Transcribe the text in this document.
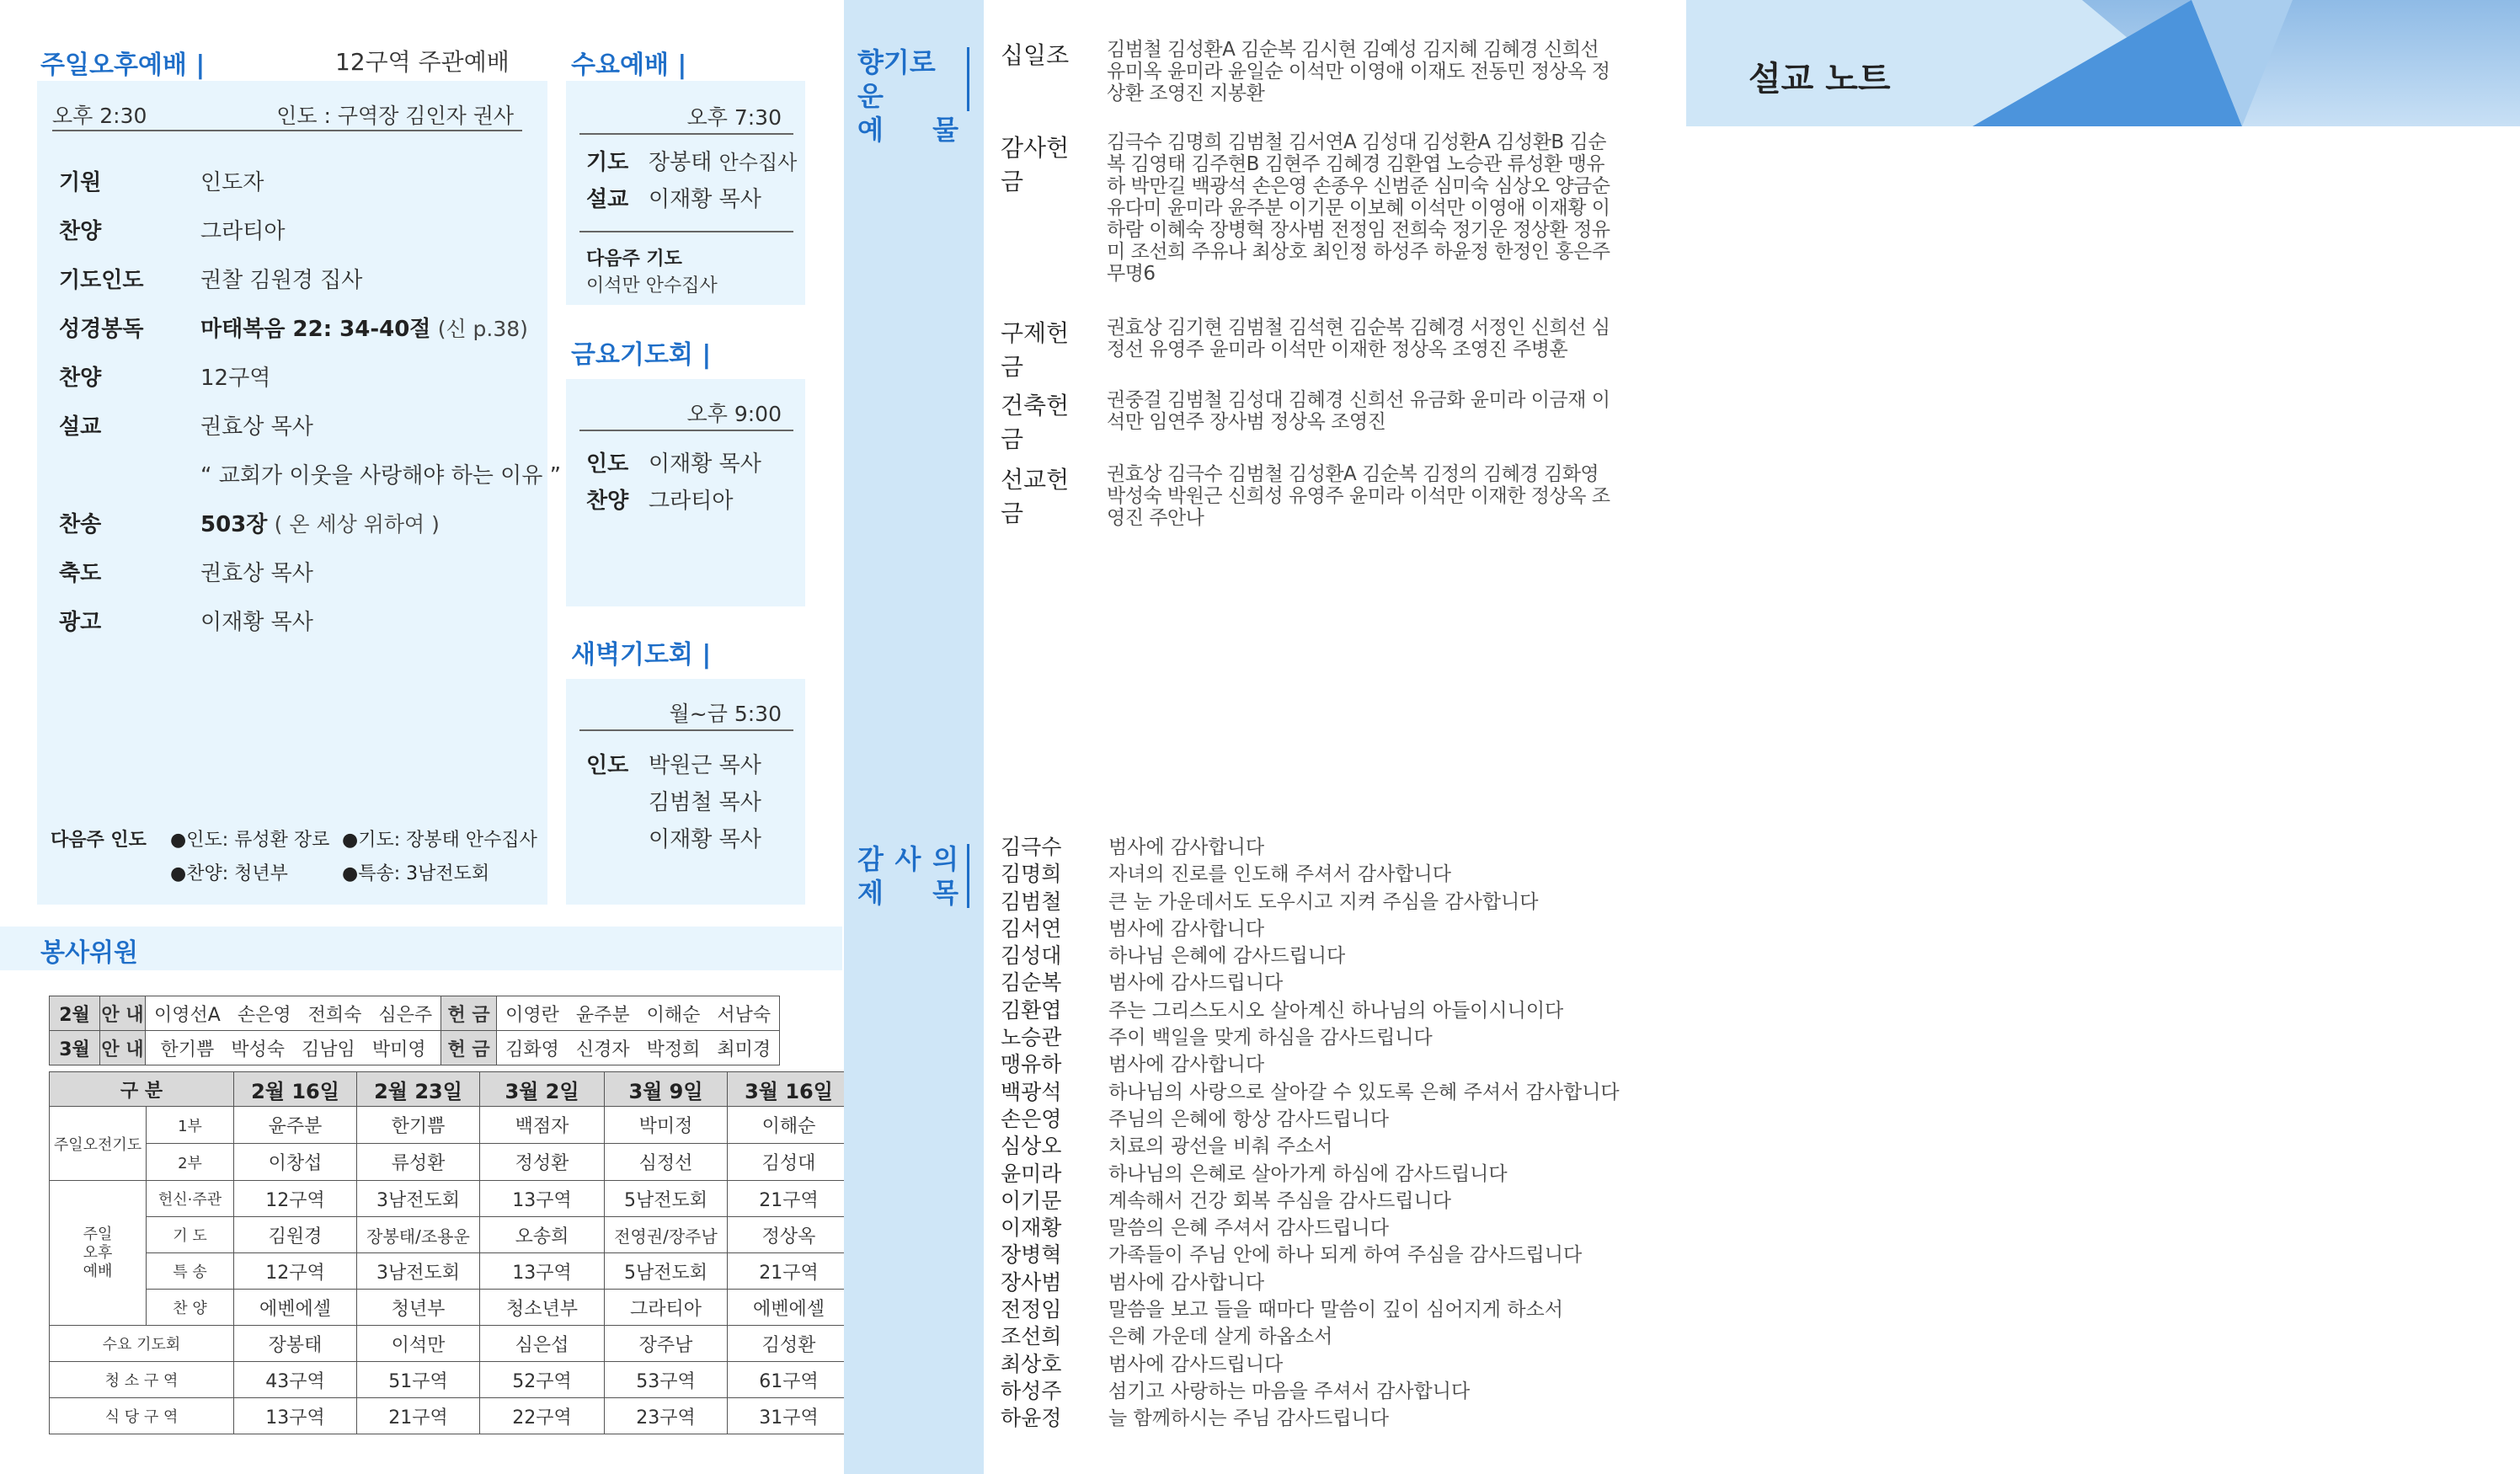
주일오후예배 |	12구역 주관예배
오후 2:30	인도 : 구역장 김인자 권사
기원	인도자
찬양	그라티아
기도인도	권찰 김원경 집사
성경봉독	마태복음 22: 34-40절 (신 p.38)
찬양	12구역
설교	권효상 목사
“ 교회가 이웃을 사랑해야 하는 이유 ”
찬송	503장 ( 온 세상 위하여 )
축도	권효상 목사
광고	이재황 목사
다음주 인도 ●인도: 류성환 장로 ●기도: 장봉태 안수집사
●찬양: 청년부	●특송: 3남전도회
수요예배 |
오후 7:30
기도 장봉태 안수집사
설교 이재황 목사
다음주 기도
이석만 안수집사
금요기도회 |
오후 9:00
인도 이재황 목사
찬양 그라티아
새벽기도회 |
월~금 5:30
인도 박원근 목사
김범철 목사
이재황 목사
봉사위원
2월	안 내	이영선A 손은영 전희숙 심은주	헌 금	이영란 윤주분 이해순 서남숙
3월	안 내	한기쁨 박성숙 김남임 박미영	헌 금	김화영 신경자 박정희 최미경
구 분		2월 16일	2월 23일	3월 2일	3월 9일	3월 16일
주일오전기도	1부	윤주분	한기쁨	백점자	박미정	이해순
	2부	이창섭	류성환	정성환	심정선	김성대
주일
오후
예배	헌신·주관	12구역	3남전도회	13구역	5남전도회	21구역
	기 도	김원경	장봉태/조용운	오송희	전영권/장주남	정상옥
	특 송	12구역	3남전도회	13구역	5남전도회	21구역
	찬 양	에벤에셀	청년부	청소년부	그라티아	에벤에셀
수요 기도회		장봉태	이석만	심은섭	장주남	김성환
청 소 구 역		43구역	51구역	52구역	53구역	61구역
식 당 구 역		13구역	21구역	22구역	23구역	31구역
향기로운
예 물
감 사 의
제 목
십일조	김범철 김성환A 김순복 김시현 김예성 김지혜 김혜경 신희선 유미옥 윤미라 윤일순 이석만 이영애 이재도 전동민 정상옥 정상환 조영진 지봉환
감사헌금
김극수 김명희 김범철 김서연A 김성대 김성환A 김성환B 김순복 김영태 김주현B 김현주 김혜경 김환엽 노승관 류성환 맹유하 박만길 백광석 손은영 손종우 신범준 심미숙 심상오 양금순 유다미 윤미라 윤주분 이기문 이보혜 이석만 이영애 이재황 이하람 이혜숙 장병혁 장사범 전정임 전희숙 정기운 정상환 정유미 조선희 주유나 최상호 최인정 하성주 하윤정 한정인 홍은주 무명6
구제헌금
권효상 김기현 김범철 김석현 김순복 김혜경 서정인 신희선 심정선 유영주 윤미라 이석만 이재한 정상옥 조영진 주병훈
건축헌금
권중걸 김범철 김성대 김혜경 신희선 유금화 윤미라 이금재 이석만 임연주 장사범 정상옥 조영진
선교헌금
권효상 김극수 김범철 김성환A 김순복 김정의 김혜경 김화영 박성숙 박원근 신희성 유영주 윤미라 이석만 이재한 정상옥 조영진 주안나
김극수	범사에 감사합니다
김명희	자녀의 진로를 인도해 주셔서 감사합니다
김범철	큰 눈 가운데서도 도우시고 지켜 주심을 감사합니다
김서연	범사에 감사합니다
김성대	하나님 은혜에 감사드립니다
김순복	범사에 감사드립니다
김환엽	주는 그리스도시오 살아계신 하나님의 아들이시니이다
노승관	주이 백일을 맞게 하심을 감사드립니다
맹유하	범사에 감사합니다
백광석	하나님의 사랑으로 살아갈 수 있도록 은혜 주셔서 감사합니다
손은영	주님의 은혜에 항상 감사드립니다
심상오	치료의 광선을 비춰 주소서
윤미라	하나님의 은혜로 살아가게 하심에 감사드립니다
이기문	계속해서 건강 회복 주심을 감사드립니다
이재황	말씀의 은혜 주셔서 감사드립니다
장병혁	가족들이 주님 안에 하나 되게 하여 주심을 감사드립니다
장사범	범사에 감사합니다
전정임	말씀을 보고 들을 때마다 말씀이 깊이 심어지게 하소서
조선희	은혜 가운데 살게 하옵소서
최상호	범사에 감사드립니다
하성주	섬기고 사랑하는 마음을 주셔서 감사합니다
하윤정	늘 함께하시는 주님 감사드립니다
설교 노트
